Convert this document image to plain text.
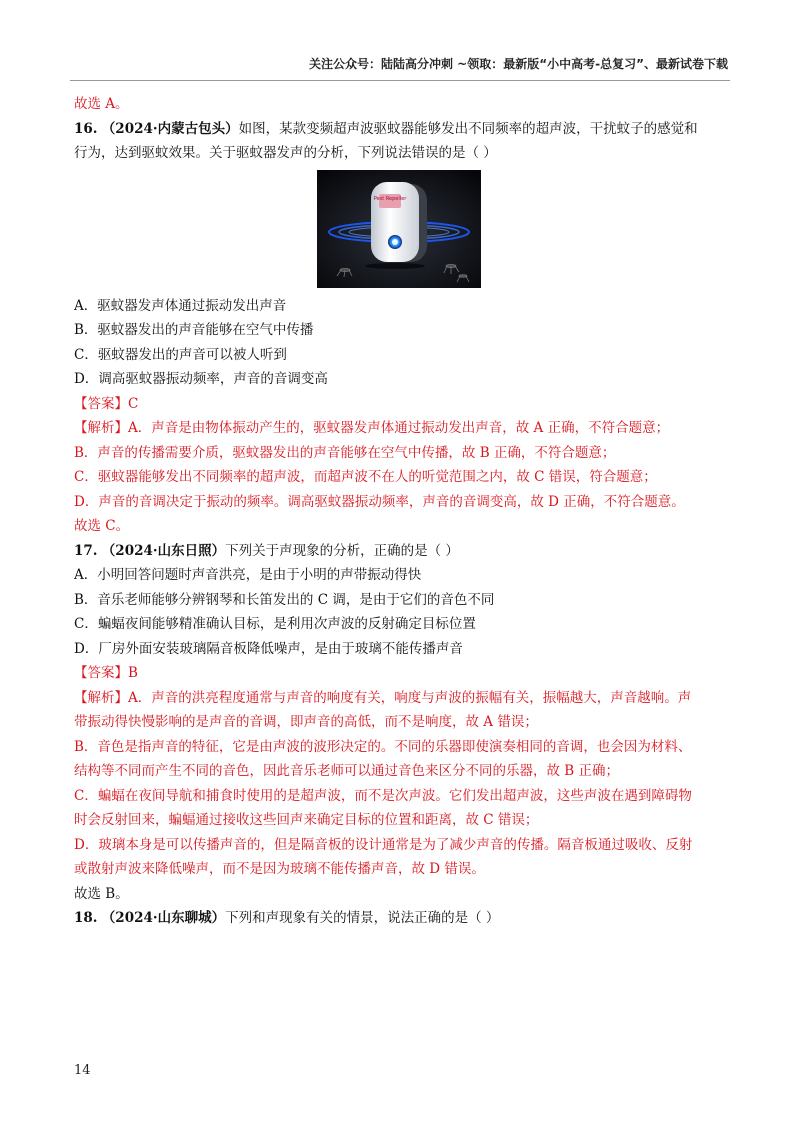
关注公众号：陆陆高分冲刺 ~领取：最新版“小中高考-总复习”、最新试卷下载
故选 A。
16. （2024·内蒙古包头）如图，某款变频超声波驱蚊器能够发出不同频率的超声波，干扰蚊子的感觉和
行为，达到驱蚊效果。关于驱蚊器发声的分析，下列说法错误的是（ ）
Pest Repeller
A．驱蚊器发声体通过振动发出声音
B．驱蚊器发出的声音能够在空气中传播
C．驱蚊器发出的声音可以被人听到
D．调高驱蚊器振动频率，声音的音调变高
【答案】C
【解析】A．声音是由物体振动产生的，驱蚊器发声体通过振动发出声音，故 A 正确，不符合题意；
B．声音的传播需要介质，驱蚊器发出的声音能够在空气中传播，故 B 正确，不符合题意；
C．驱蚊器能够发出不同频率的超声波，而超声波不在人的听觉范围之内，故 C 错误，符合题意；
D．声音的音调决定于振动的频率。调高驱蚊器振动频率，声音的音调变高，故 D 正确，不符合题意。
故选 C。
17. （2024·山东日照）下列关于声现象的分析，正确的是（ ）
A．小明回答问题时声音洪亮，是由于小明的声带振动得快
B．音乐老师能够分辨钢琴和长笛发出的 C 调，是由于它们的音色不同
C．蝙蝠夜间能够精准确认目标，是利用次声波的反射确定目标位置
D．厂房外面安装玻璃隔音板降低噪声，是由于玻璃不能传播声音
【答案】B
【解析】A．声音的洪亮程度通常与声音的响度有关，响度与声波的振幅有关，振幅越大，声音越响。声
带振动得快慢影响的是声音的音调，即声音的高低，而不是响度，故 A 错误；
B．音色是指声音的特征，它是由声波的波形决定的。不同的乐器即使演奏相同的音调，也会因为材料、
结构等不同而产生不同的音色，因此音乐老师可以通过音色来区分不同的乐器，故 B 正确；
C．蝙蝠在夜间导航和捕食时使用的是超声波，而不是次声波。它们发出超声波，这些声波在遇到障碍物
时会反射回来，蝙蝠通过接收这些回声来确定目标的位置和距离，故 C 错误；
D．玻璃本身是可以传播声音的，但是隔音板的设计通常是为了减少声音的传播。隔音板通过吸收、反射
或散射声波来降低噪声，而不是因为玻璃不能传播声音，故 D 错误。
故选 B。
18. （2024·山东聊城）下列和声现象有关的情景，说法正确的是（ ）
14
